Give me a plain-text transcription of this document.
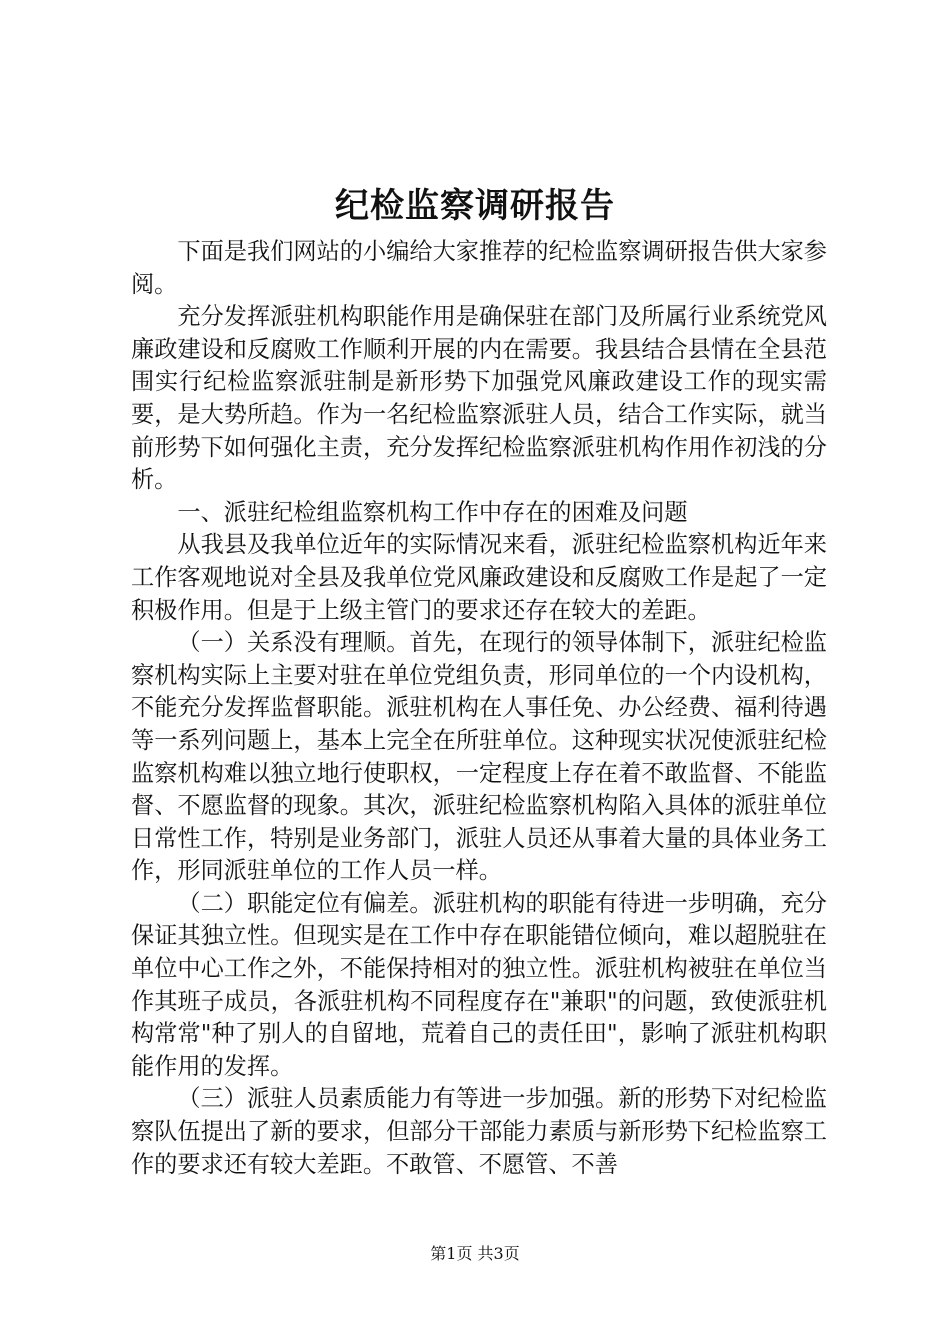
纪检监察调研报告

下面是我们网站的小编给大家推荐的纪检监察调研报告供大家参阅。

充分发挥派驻机构职能作用是确保驻在部门及所属行业系统党风廉政建设和反腐败工作顺利开展的内在需要。我县结合县情在全县范围实行纪检监察派驻制是新形势下加强党风廉政建设工作的现实需要，是大势所趋。作为一名纪检监察派驻人员，结合工作实际，就当前形势下如何强化主责，充分发挥纪检监察派驻机构作用作初浅的分析。

一、派驻纪检组监察机构工作中存在的困难及问题

从我县及我单位近年的实际情况来看，派驻纪检监察机构近年来工作客观地说对全县及我单位党风廉政建设和反腐败工作是起了一定积极作用。但是于上级主管门的要求还存在较大的差距。

（一）关系没有理顺。首先，在现行的领导体制下，派驻纪检监察机构实际上主要对驻在单位党组负责，形同单位的一个内设机构，不能充分发挥监督职能。派驻机构在人事任免、办公经费、福利待遇等一系列问题上，基本上完全在所驻单位。这种现实状况使派驻纪检监察机构难以独立地行使职权，一定程度上存在着不敢监督、不能监督、不愿监督的现象。其次，派驻纪检监察机构陷入具体的派驻单位日常性工作，特别是业务部门，派驻人员还从事着大量的具体业务工作，形同派驻单位的工作人员一样。

（二）职能定位有偏差。派驻机构的职能有待进一步明确，充分保证其独立性。但现实是在工作中存在职能错位倾向，难以超脱驻在单位中心工作之外，不能保持相对的独立性。派驻机构被驻在单位当作其班子成员，各派驻机构不同程度存在"兼职"的问题，致使派驻机构常常"种了别人的自留地，荒着自己的责任田"，影响了派驻机构职能作用的发挥。

（三）派驻人员素质能力有等进一步加强。新的形势下对纪检监察队伍提出了新的要求，但部分干部能力素质与新形势下纪检监察工作的要求还有较大差距。不敢管、不愿管、不善

第1页 共3页
